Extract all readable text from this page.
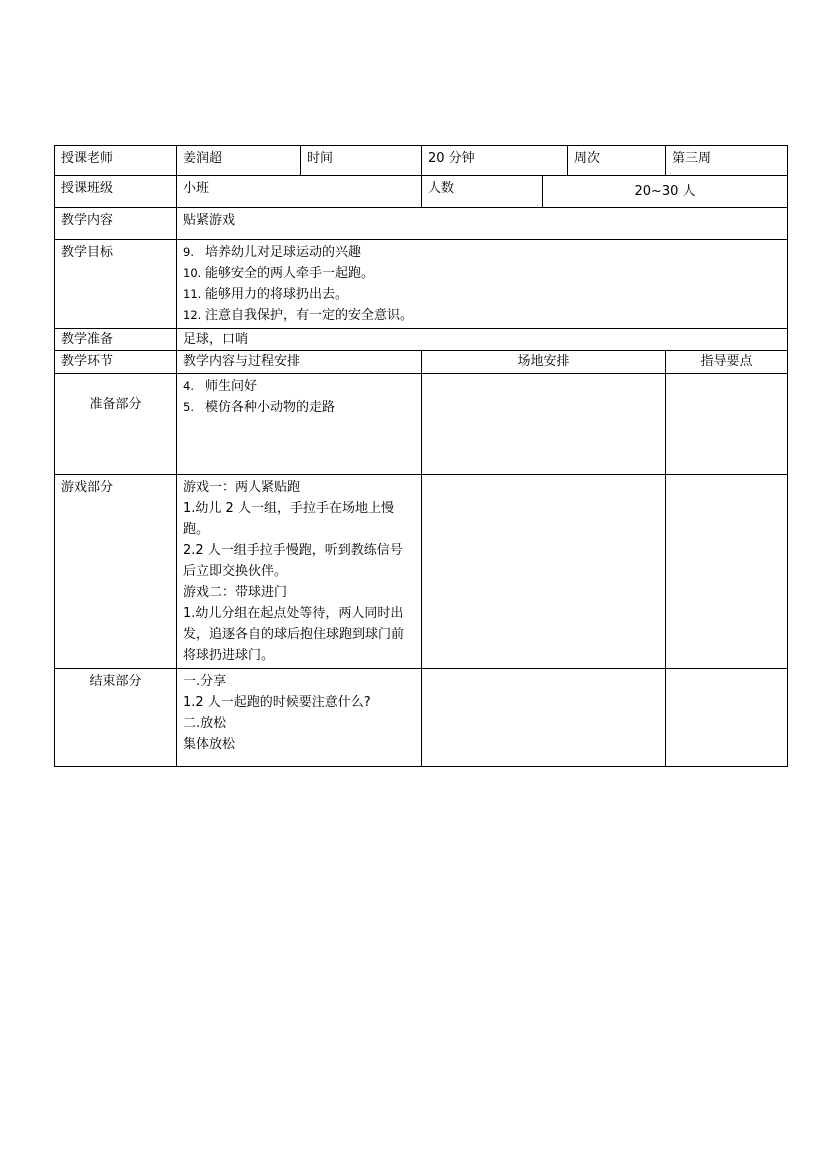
授课老师	姜润超	时间	20 分钟		周次	第三周
授课班级	小班		人数	20~30 人		
教学内容	贴紧游戏					
教学目标	9. 培养幼儿对足球运动的兴趣
10. 能够安全的两人牵手一起跑。
11. 能够用力的将球扔出去。
12. 注意自我保护，有一定的安全意识。					

教学准备	足球，口哨					
教学环节	教学内容与过程安排		场地安排			指导要点
准备部分	4. 师生问好
5. 模仿各种小动物的走路					

游戏部分	游戏一：两人紧贴跑
1.幼儿 2 人一组，手拉手在场地上慢跑。
2.2 人一组手拉手慢跑，听到教练信号后立即交换伙伴。
游戏二：带球进门
1.幼儿分组在起点处等待，两人同时出发，追逐各自的球后抱住球跑到球门前将球扔进球门。					

结束部分	一.分享
1.2 人一起跑的时候要注意什么?
二.放松
集体放松					
